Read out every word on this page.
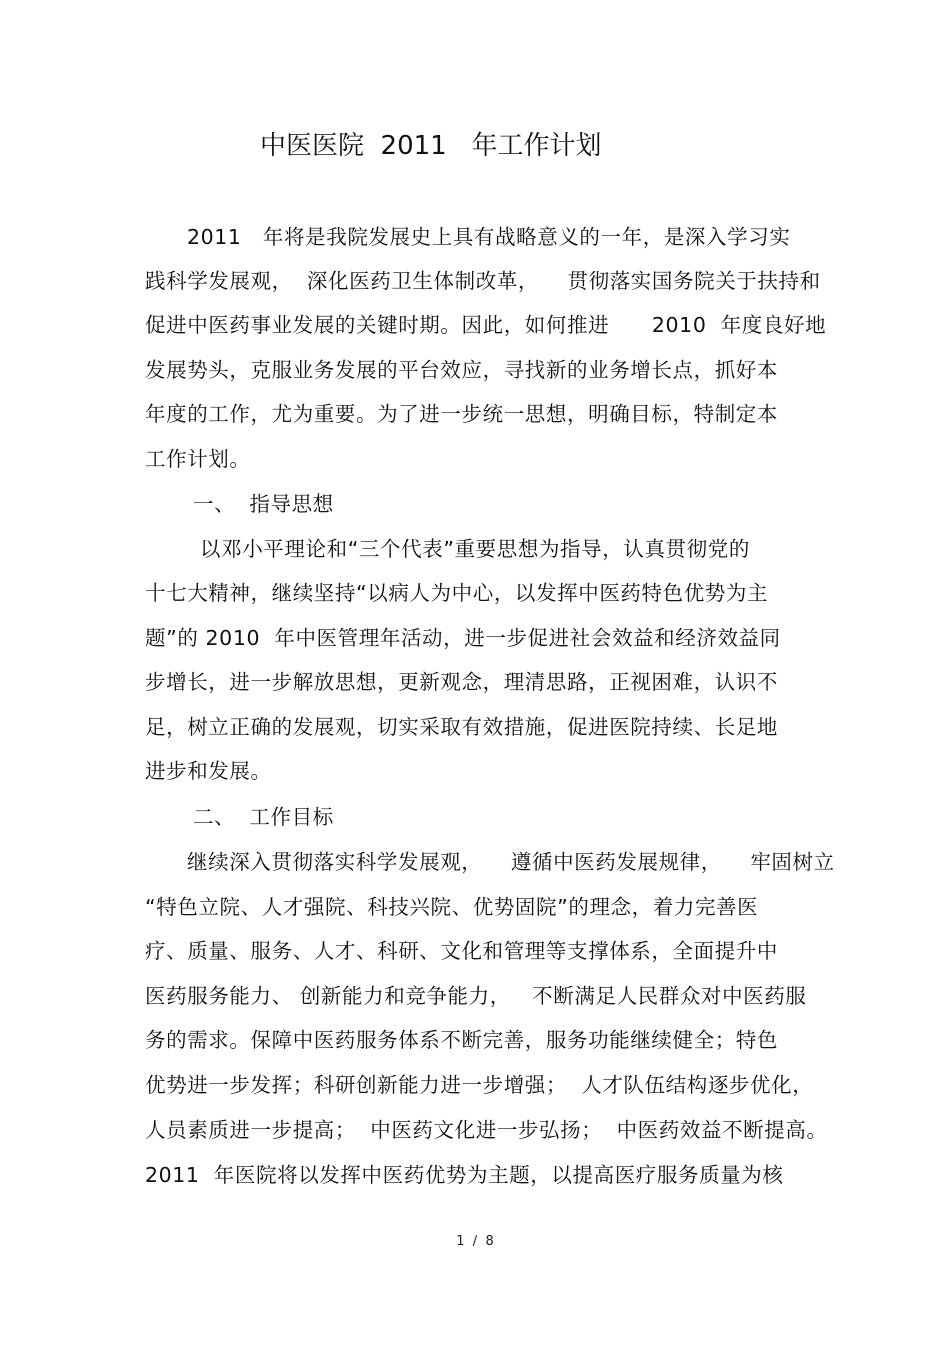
中医医院  2011   年工作计划
2011   年将是我院发展史上具有战略意义的一年，是深入学习实
践科学发展观，  深化医药卫生体制改革，    贯彻落实国务院关于扶持和
促进中医药事业发展的关键时期。因此，如何推进      2010  年度良好地
发展势头，克服业务发展的平台效应，寻找新的业务增长点，抓好本
年度的工作，尤为重要。为了进一步统一思想，明确目标，特制定本
工作计划。
一、  指导思想
以邓小平理论和“三个代表”重要思想为指导，认真贯彻党的
十七大精神，继续坚持“以病人为中心，以发挥中医药特色优势为主
题”的 2010  年中医管理年活动，进一步促进社会效益和经济效益同
步增长，进一步解放思想，更新观念，理清思路，正视困难，认识不
足，树立正确的发展观，切实采取有效措施，促进医院持续、长足地
进步和发展。
二、  工作目标
继续深入贯彻落实科学发展观，    遵循中医药发展规律，    牢固树立
“特色立院、人才强院、科技兴院、优势固院”的理念，着力完善医
疗、质量、服务、人才、科研、文化和管理等支撑体系，全面提升中
医药服务能力、 创新能力和竞争能力，   不断满足人民群众对中医药服
务的需求。保障中医药服务体系不断完善，服务功能继续健全；特色
优势进一步发挥；科研创新能力进一步增强；  人才队伍结构逐步优化，
人员素质进一步提高；  中医药文化进一步弘扬；  中医药效益不断提高。
2011  年医院将以发挥中医药优势为主题，以提高医疗服务质量为核
1  /  8
